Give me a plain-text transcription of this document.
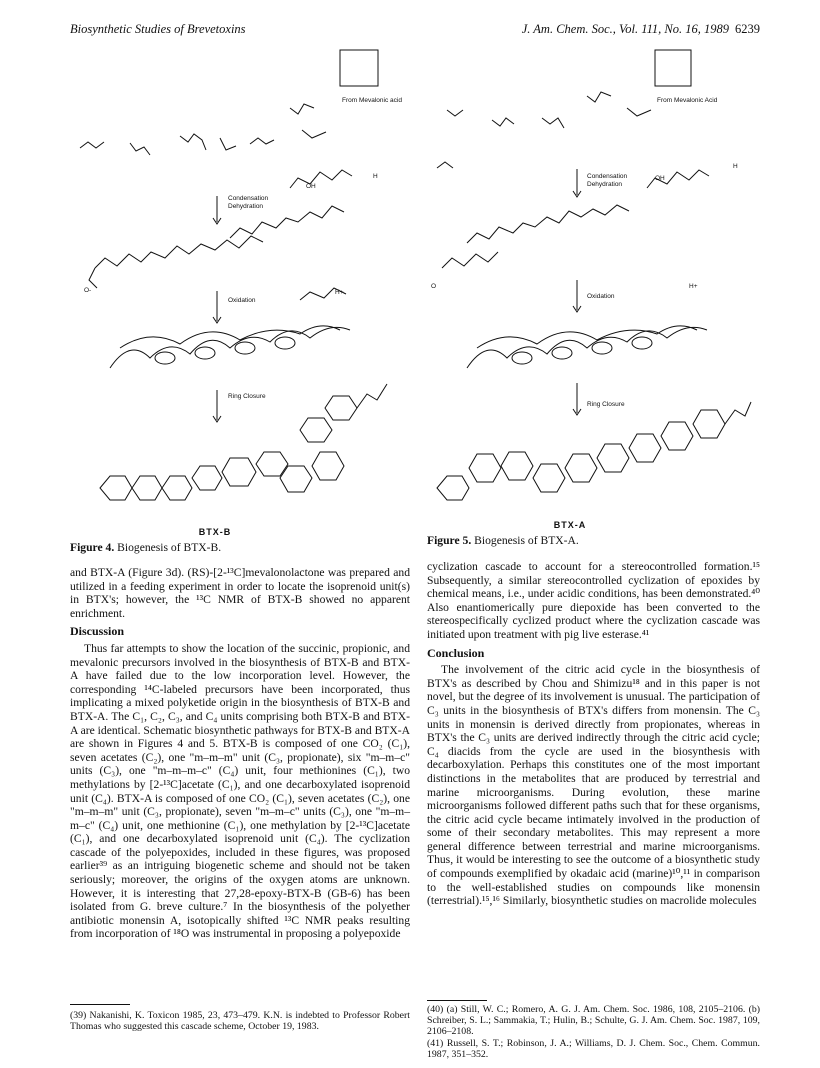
Biosynthetic Studies of Brevetoxins	J. Am. Chem. Soc., Vol. 111, No. 16, 1989 6239
From Mevalonic acid
Condensation
Dehydration
Oxidation
Ring Closure
H+
OH
H
O-
BTX-B
Figure 4. Biogenesis of BTX-B.
From Mevalonic Acid
Condensation
Dehydration
Oxidation
Ring Closure
H+
OH
H
O
BTX-A
Figure 5. Biogenesis of BTX-A.

and BTX-A (Figure 3d). (RS)-[2-¹³C]mevalonolactone was prepared and utilized in a feeding experiment in order to locate the isoprenoid unit(s) in BTX's; however, the ¹³C NMR of BTX-B showed no apparent enrichment.

Discussion

Thus far attempts to show the location of the succinic, propionic, and mevalonic precursors involved in the biosynthesis of BTX-B and BTX-A have failed due to the low incorporation level. However, the corresponding ¹⁴C-labeled precursors have been incorporated, thus implicating a mixed polyketide origin in the biosynthesis of BTX-B and BTX-A. The C₁, C₂, C₃, and C₄ units comprising both BTX-B and BTX-A are identical. Schematic biosynthetic pathways for BTX-B and BTX-A are shown in Figures 4 and 5. BTX-B is composed of one CO₂ (C₁), seven acetates (C₂), one "m–m–m" unit (C₃, propionate), six "m–m–c" units (C₃), one "m–m–m–c" (C₄) unit, four methionines (C₁), two methylations by [2-¹³C]acetate (C₁), and one decarboxylated isoprenoid unit (C₄). BTX-A is composed of one CO₂ (C₁), seven acetates (C₂), one "m–m–m" unit (C₃, propionate), seven "m–m–c" units (C₃), one "m–m–m–c" (C₄) unit, one methionine (C₁), one methylation by [2-¹³C]acetate (C₁), and one decarboxylated isoprenoid unit (C₄). The cyclization cascade of the polyepoxides, included in these figures, was proposed earlier³⁹ as an intriguing biogenetic scheme and should not be taken seriously; moreover, the origins of the oxygen atoms are unknown. However, it is interesting that 27,28-epoxy-BTX-B (GB-6) has been isolated from G. breve culture.⁷ In the biosynthesis of the polyether antibiotic monensin A, isotopically shifted ¹³C NMR peaks resulting from incorporation of ¹⁸O was instrumental in proposing a polyepoxide

(39) Nakanishi, K. Toxicon 1985, 23, 473–479. K.N. is indebted to Professor Robert Thomas who suggested this cascade scheme, October 19, 1983.

cyclization cascade to account for a stereocontrolled formation.¹⁵ Subsequently, a similar stereocontrolled cyclization of epoxides by chemical means, i.e., under acidic conditions, has been demonstrated.⁴⁰ Also enantiomerically pure diepoxide has been converted to the stereospecifically cyclized product where the cyclization cascade was initiated upon treatment with pig live esterase.⁴¹

Conclusion

The involvement of the citric acid cycle in the biosynthesis of BTX's as described by Chou and Shimizu¹⁸ and in this paper is not novel, but the degree of its involvement is unusual. The participation of C₃ units in the biosynthesis of BTX's differs from monensin. The C₃ units in monensin is derived directly from propionates, whereas in BTX's the C₃ units are derived indirectly through the citric acid cycle; C₄ diacids from the cycle are used in the biosynthesis with decarboxylation. Perhaps this constitutes one of the most important distinctions in the metabolites that are produced by terrestrial and marine microorganisms. During evolution, these marine microorganisms followed different paths such that for these organisms, the citric acid cycle became intimately involved in the production of some of their secondary metabolites. This may represent a more general difference between terrestrial and marine microorganisms. Thus, it would be interesting to see the outcome of a biosynthetic study of compounds exemplified by okadaic acid (marine)¹⁰,¹¹ in comparison to the well-established studies on compounds like monensin (terrestrial).¹⁵,¹⁶ Similarly, biosynthetic studies on macrolide molecules

(40) (a) Still, W. C.; Romero, A. G. J. Am. Chem. Soc. 1986, 108, 2105–2106. (b) Schreiber, S. L.; Sammakia, T.; Hulin, B.; Schulte, G. J. Am. Chem. Soc. 1987, 109, 2106–2108.
(41) Russell, S. T.; Robinson, J. A.; Williams, D. J. Chem. Soc., Chem. Commun. 1987, 351–352.
